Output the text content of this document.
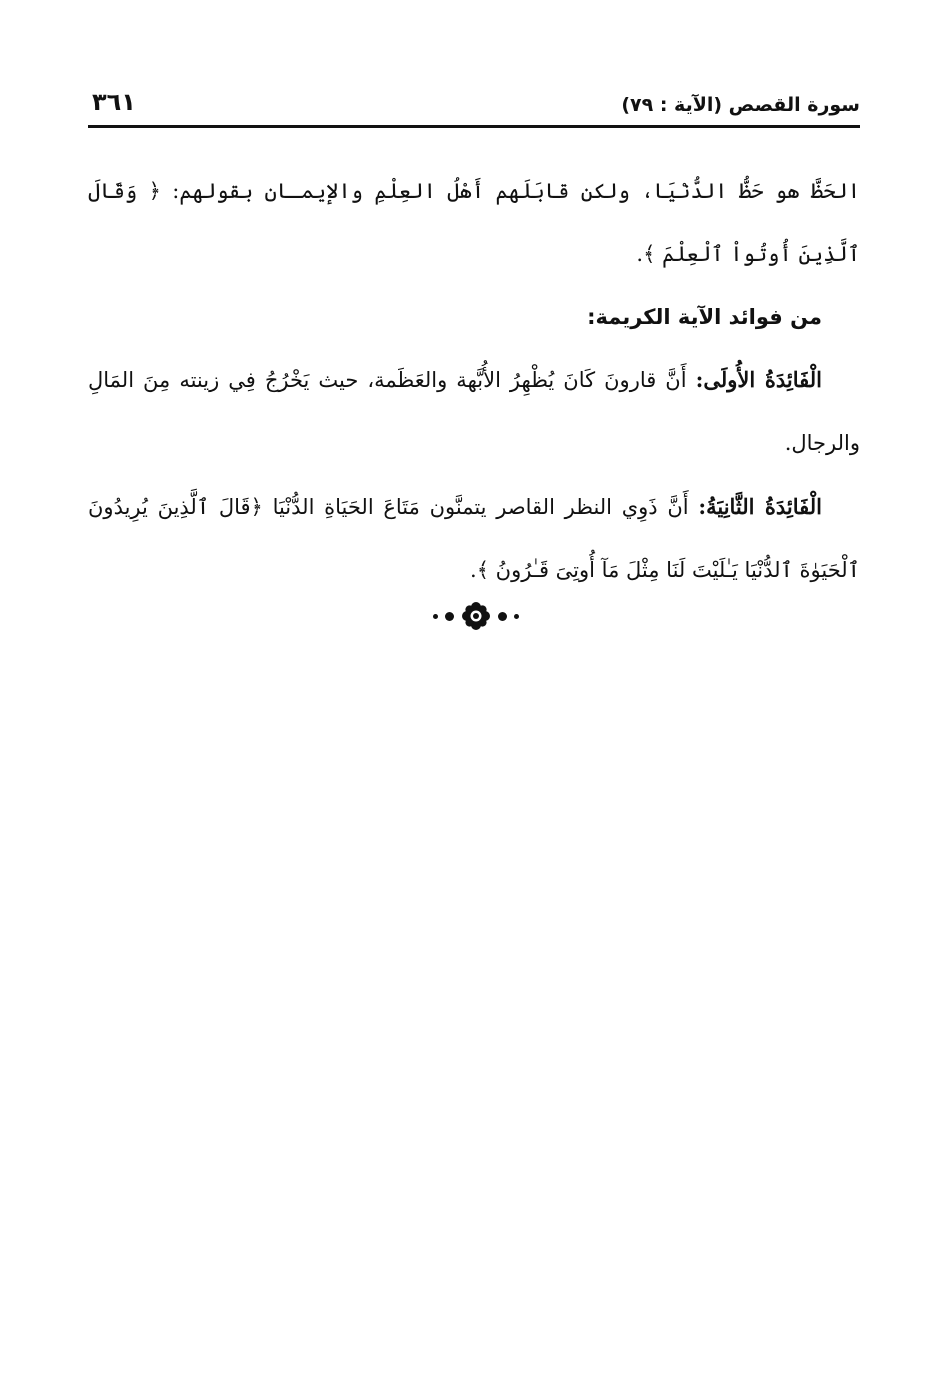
سورة القصص (الآية : ٧٩)
٣٦١

الحَظَّ هو حَظُّ الدُّنْيَا، ولكن قابَلَهم أَهْلُ العِلْمِ والإيمـان بقولهم: ﴿ وَقَالَ ٱلَّذِينَ أُوتُواْ ٱلْعِلْمَ ﴾.

من فوائد الآية الكريمة:

الْفَائِدَةُ الأُولَى: أَنَّ قارونَ كَانَ يُظْهِرُ الأُبَّهة والعَظَمة، حيث يَخْرُجُ فِي زينته مِنَ المَالِ والرجال.

الْفَائِدَةُ الثَّانِيَةُ: أَنَّ ذَوِي النظر القاصر يتمنَّون مَتَاعَ الحَيَاةِ الدُّنْيَا ﴿قَالَ ٱلَّذِينَ يُرِيدُونَ ٱلْحَيَوٰةَ ٱلدُّنْيَا يَـٰلَيْتَ لَنَا مِثْلَ مَآ أُوتِىَ قَـٰرُونُ ﴾.
